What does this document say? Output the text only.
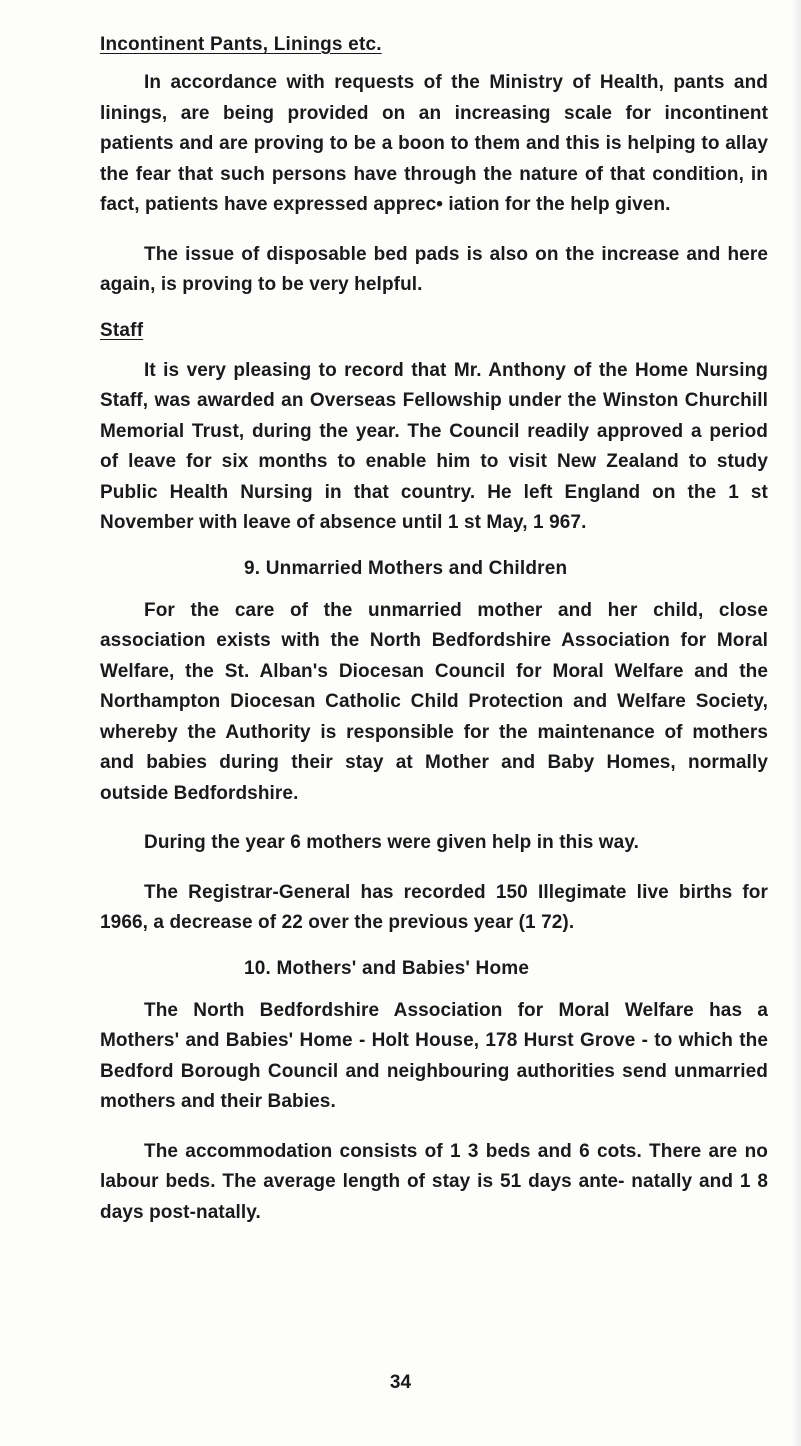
Incontinent Pants, Linings etc.

In accordance with requests of the Ministry of Health, pants and linings, are being provided on an increasing scale for incontinent patients and are proving to be a boon to them and this is helping to allay the fear that such persons have through the nature of that condition, in fact, patients have expressed apprec• iation for the help given.

The issue of disposable bed pads is also on the increase and here again, is proving to be very helpful.

Staff

It is very pleasing to record that Mr. Anthony of the Home Nursing Staff, was awarded an Overseas Fellowship under the Winston Churchill Memorial Trust, during the year. The Council readily approved a period of leave for six months to enable him to visit New Zealand to study Public Health Nursing in that country. He left England on the 1 st November with leave of absence until 1 st May, 1 967.

9. Unmarried Mothers and Children

For the care of the unmarried mother and her child, close association exists with the North Bedfordshire Association for Moral Welfare, the St. Alban's Diocesan Council for Moral Welfare and the Northampton Diocesan Catholic Child Protection and Welfare Society, whereby the Authority is responsible for the maintenance of mothers and babies during their stay at Mother and Baby Homes, normally outside Bedfordshire.

During the year 6 mothers were given help in this way.

The Registrar-General has recorded 150 Illegimate live births for 1966, a decrease of 22 over the previous year (1 72).

10. Mothers' and Babies' Home

The North Bedfordshire Association for Moral Welfare has a Mothers' and Babies' Home - Holt House, 178 Hurst Grove - to which the Bedford Borough Council and neighbouring authorities send unmarried mothers and their Babies.

The accommodation consists of 1 3 beds and 6 cots. There are no labour beds. The average length of stay is 51 days ante- natally and 1 8 days post-natally.

34
